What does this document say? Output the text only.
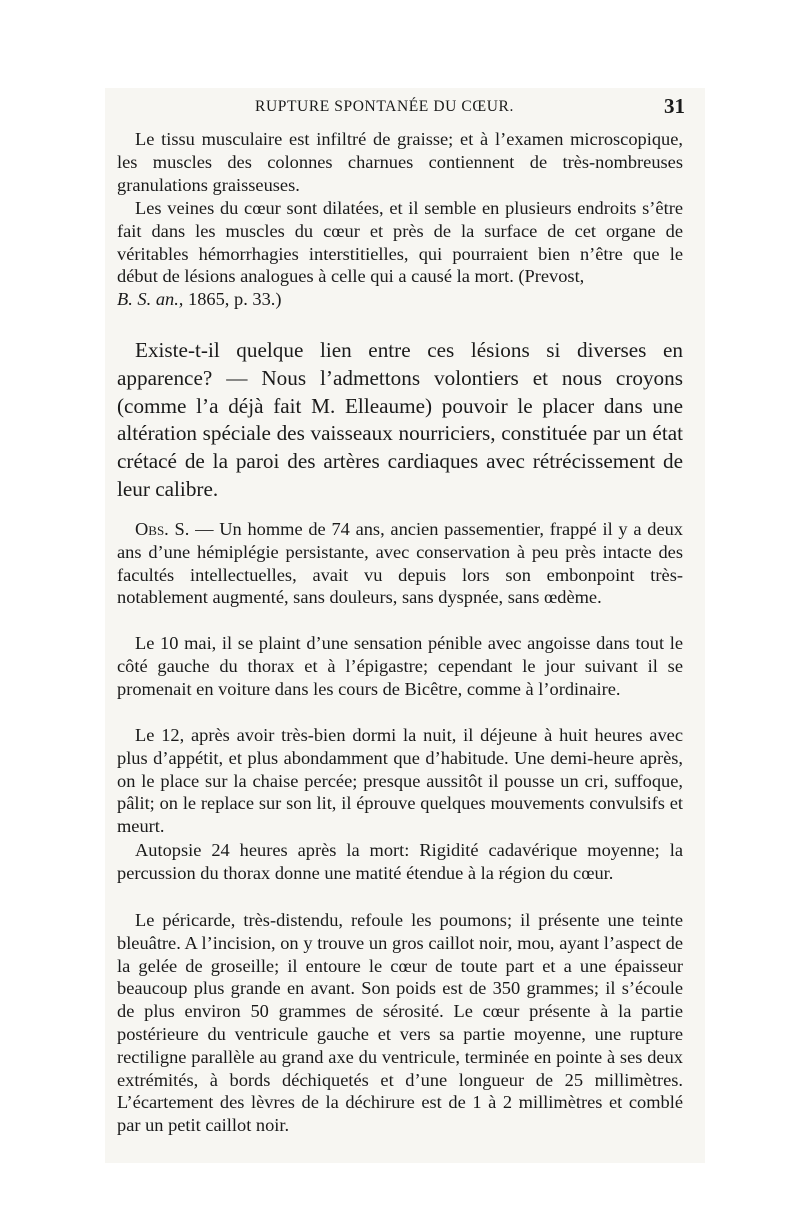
RUPTURE SPONTANÉE DU CŒUR.	31

Le tissu musculaire est infiltré de graisse; et à l’examen microscopique, les muscles des colonnes charnues contiennent de très-nombreuses granulations graisseuses.

Les veines du cœur sont dilatées, et il semble en plusieurs endroits s’être fait dans les muscles du cœur et près de la surface de cet organe de véritables hémorrhagies interstitielles, qui pourraient bien n’être que le début de lésions analogues à celle qui a causé la mort. (Prevost,
B. S. an., 1865, p. 33.)

Existe-t-il quelque lien entre ces lésions si diverses en apparence? — Nous l’admettons volontiers et nous croyons (comme l’a déjà fait M. Elleaume) pouvoir le placer dans une altération spéciale des vaisseaux nourriciers, constituée par un état crétacé de la paroi des artères cardiaques avec rétrécissement de leur calibre.

Obs. S. — Un homme de 74 ans, ancien passementier, frappé il y a deux ans d’une hémiplégie persistante, avec conservation à peu près intacte des facultés intellectuelles, avait vu depuis lors son embonpoint très-notablement augmenté, sans douleurs, sans dyspnée, sans œdème.

Le 10 mai, il se plaint d’une sensation pénible avec angoisse dans tout le côté gauche du thorax et à l’épigastre; cependant le jour suivant il se promenait en voiture dans les cours de Bicêtre, comme à l’ordinaire.

Le 12, après avoir très-bien dormi la nuit, il déjeune à huit heures avec plus d’appétit, et plus abondamment que d’habitude. Une demi-heure après, on le place sur la chaise percée; presque aussitôt il pousse un cri, suffoque, pâlit; on le replace sur son lit, il éprouve quelques mouvements convulsifs et meurt.

Autopsie 24 heures après la mort: Rigidité cadavérique moyenne; la percussion du thorax donne une matité étendue à la région du cœur.

Le péricarde, très-distendu, refoule les poumons; il présente une teinte bleuâtre. A l’incision, on y trouve un gros caillot noir, mou, ayant l’aspect de la gelée de groseille; il entoure le cœur de toute part et a une épaisseur beaucoup plus grande en avant. Son poids est de 350 grammes; il s’écoule de plus environ 50 grammes de sérosité. Le cœur présente à la partie postérieure du ventricule gauche et vers sa partie moyenne, une rupture rectiligne parallèle au grand axe du ventricule, terminée en pointe à ses deux extrémités, à bords déchiquetés et d’une longueur de 25 millimètres. L’écartement des lèvres de la déchirure est de 1 à 2 millimètres et comblé par un petit caillot noir.
